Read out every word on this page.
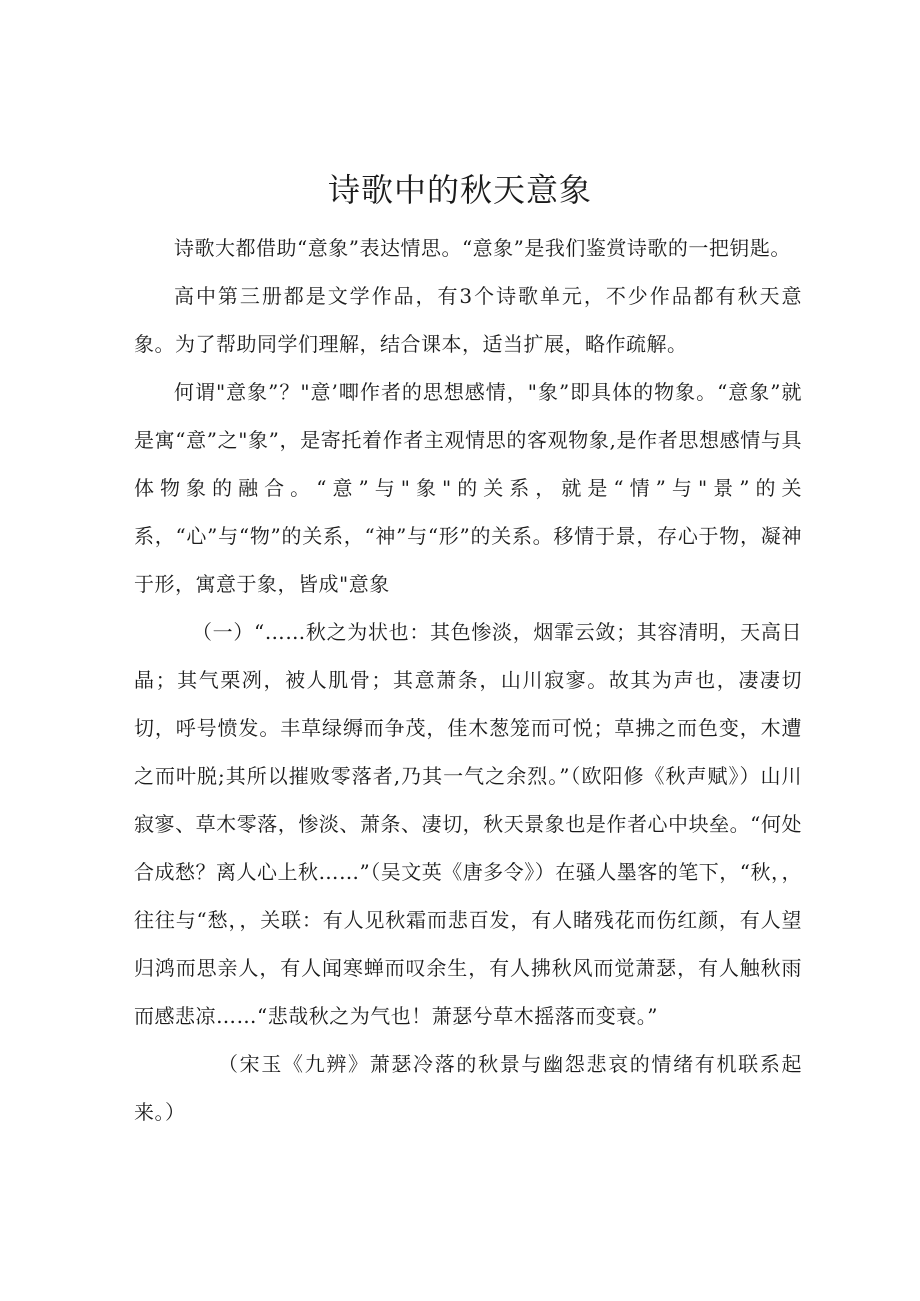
诗歌中的秋天意象

诗歌大都借助“意象”表达情思。“意象”是我们鉴赏诗歌的一把钥匙。

高中第三册都是文学作品，有3个诗歌单元，不少作品都有秋天意象。为了帮助同学们理解，结合课本，适当扩展，略作疏解。

何谓"意象”？"意’唧作者的思想感情，"象”即具体的物象。“意象”就是寓“意”之"象”，是寄托着作者主观情思的客观物象,是作者思想感情与具体物象的融合。“意”与"象"的关系，就是“情”与"景”的关系，“心”与“物”的关系，“神”与“形”的关系。移情于景，存心于物，凝神于形，寓意于象，皆成"意象

（一）“……秋之为状也：其色惨淡，烟霏云敛；其容清明，天高日晶；其气栗冽，被人肌骨；其意萧条，山川寂寥。故其为声也，凄凄切切，呼号愤发。丰草绿缛而争茂，佳木葱笼而可悦；草拂之而色变，木遭之而叶脱;其所以摧败零落者,乃其一气之余烈。”（欧阳修《秋声赋》）山川寂寥、草木零落，惨淡、萧条、凄切，秋天景象也是作者心中块垒。“何处合成愁？离人心上秋……”（吴文英《唐多令》）在骚人墨客的笔下，“秋，，往往与“愁，，关联：有人见秋霜而悲百发，有人睹残花而伤红颜，有人望归鸿而思亲人，有人闻寒蝉而叹余生，有人拂秋风而觉萧瑟，有人触秋雨而感悲凉……“悲哉秋之为气也！萧瑟兮草木摇落而变衰。”

（宋玉《九辨》萧瑟冷落的秋景与幽怨悲哀的情绪有机联系起来。）
